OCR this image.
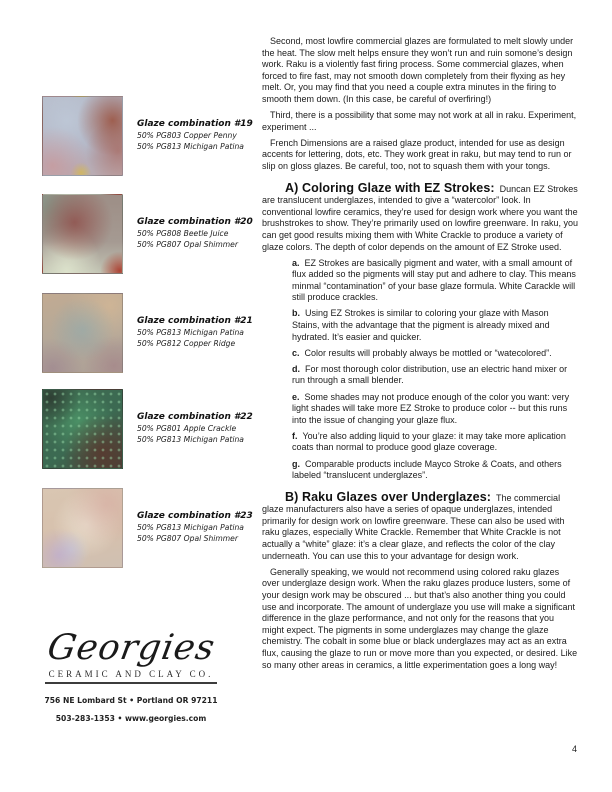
Glaze combination #19
50% PG803 Copper Penny
50% PG813 Michigan Patina
Glaze combination #20
50% PG808 Beetle Juice
50% PG807 Opal Shimmer
Glaze combination #21
50% PG813 Michigan Patina
50% PG812 Copper Ridge
Glaze combination #22
50% PG801 Apple Crackle
50% PG813 Michigan Patina
Glaze combination #23
50% PG813 Michigan Patina
50% PG807 Opal Shimmer
Georgies
CERAMIC AND CLAY CO.
756 NE Lombard St • Portland OR 97211
503-283-1353 • www.georgies.com

Second, most lowfire commercial glazes are formulated to melt slowly under the heat. The slow melt helps ensure they won’t run and ruin somone’s design work. Raku is a violently fast firing process. Some commercial glazes, when forced to fire fast, may not smooth down completely from their flyxing as hey melt. Or, you may find that you need a couple extra minutes in the firing to smooth them down. (In this case, be careful of overfiring!)

Third, there is a possibility that some may not work at all in raku. Experiment, experiment ...

French Dimensions are a raised glaze product, intended for use as design accents for lettering, dots, etc. They work great in raku, but may tend to run or slip on gloss glazes. Be careful, too, not to squash them with your tongs.

A) Coloring Glaze with EZ Strokes: Duncan EZ Strokes are translucent underglazes, intended to give a “watercolor” look. In conventional lowfire ceramics, they’re used for design work where you want the brushstrokes to show. They’re primarily used on lowfire greenware. In raku, you can get good results mixing them with White Crackle to produce a variety of glaze colors. The depth of color depends on the amount of EZ Stroke used.

a. EZ Strokes are basically pigment and water, with a small amount of flux added so the pigments will stay put and adhere to clay. This means minmal “contamination” of your base glaze formula. White Carackle will still produce crackles.

b. Using EZ Strokes is similar to coloring your glaze with Mason Stains, with the advantage that the pigment is already mixed and hydrated. It’s easier and quicker.

c. Color results will probably always be mottled or “watecolored”.

d. For most thorough color distribution, use an electric hand mixer or run through a small blender.

e. Some shades may not produce enough of the color you want: very light shades will take more EZ Stroke to produce color -- but this runs into the issue of changing your glaze flux.

f. You’re also adding liquid to your glaze: it may take more aplication coats than normal to produce good glaze coverage.

g. Comparable products include Mayco Stroke & Coats, and others labeled “translucent underglazes”.

B) Raku Glazes over Underglazes: The commercial glaze manufacturers also have a series of opaque underglazes, intended primarily for design work on lowfire greenware. These can also be used with raku glazes, especially White Crackle. Remember that White Crackle is not actually a “white” glaze: it’s a clear glaze, and reflects the color of the clay underneath. You can use this to your advantage for design work.

Generally speaking, we would not recommend using colored raku glazes over underglaze design work. When the raku glazes produce lusters, some of your design work may be obscured ... but that’s also another thing you could use and incorporate. The amount of underglaze you use will make a significant difference in the glaze performance, and not only for the reasons that you might expect. The pigments in some underglazes may change the glaze chemistry. The cobalt in some blue or black underglazes may act as an extra flux, causing the glaze to run or move more than you expected, or desired. Like so many other areas in ceramics, a little experimentation goes a long way!

4
